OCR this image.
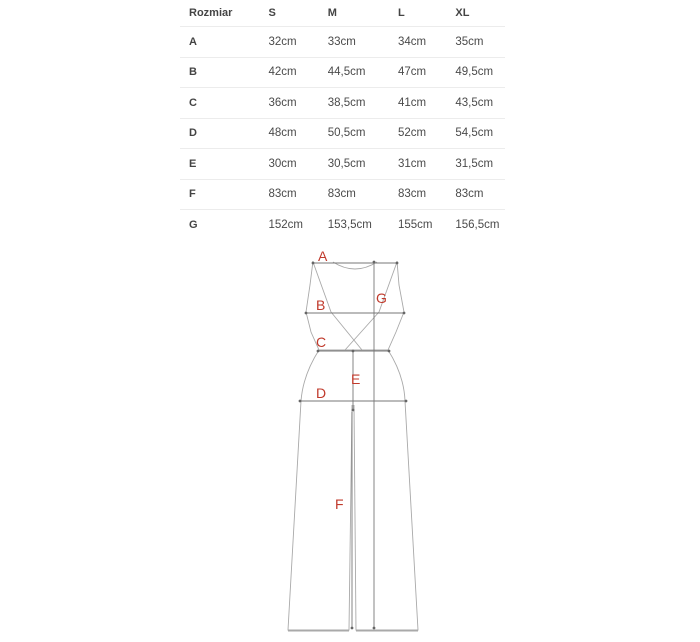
Rozmiar	S	M	L	XL
A	32cm	33cm	34cm	35cm
B	42cm	44,5cm	47cm	49,5cm
C	36cm	38,5cm	41cm	43,5cm
D	48cm	50,5cm	52cm	54,5cm
E	30cm	30,5cm	31cm	31,5cm
F	83cm	83cm	83cm	83cm
G	152cm	153,5cm	155cm	156,5cm
A
B	G
C
E
D
F
